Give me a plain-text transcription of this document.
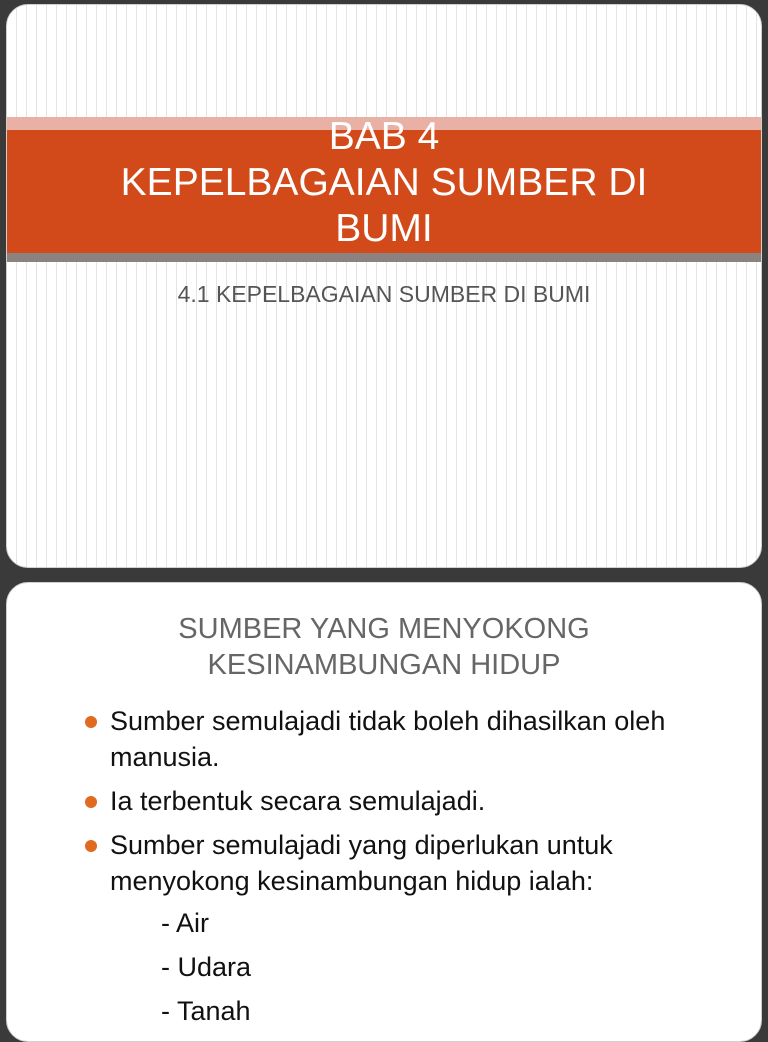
BAB 4
KEPELBAGAIAN SUMBER DI
BUMI
4.1 KEPELBAGAIAN SUMBER DI BUMI
SUMBER YANG MENYOKONG
KESINAMBUNGAN HIDUP
Sumber semulajadi tidak boleh dihasilkan oleh manusia.
Ia terbentuk secara semulajadi.
Sumber semulajadi yang diperlukan untuk menyokong kesinambungan hidup ialah:
- Air
- Udara
- Tanah
